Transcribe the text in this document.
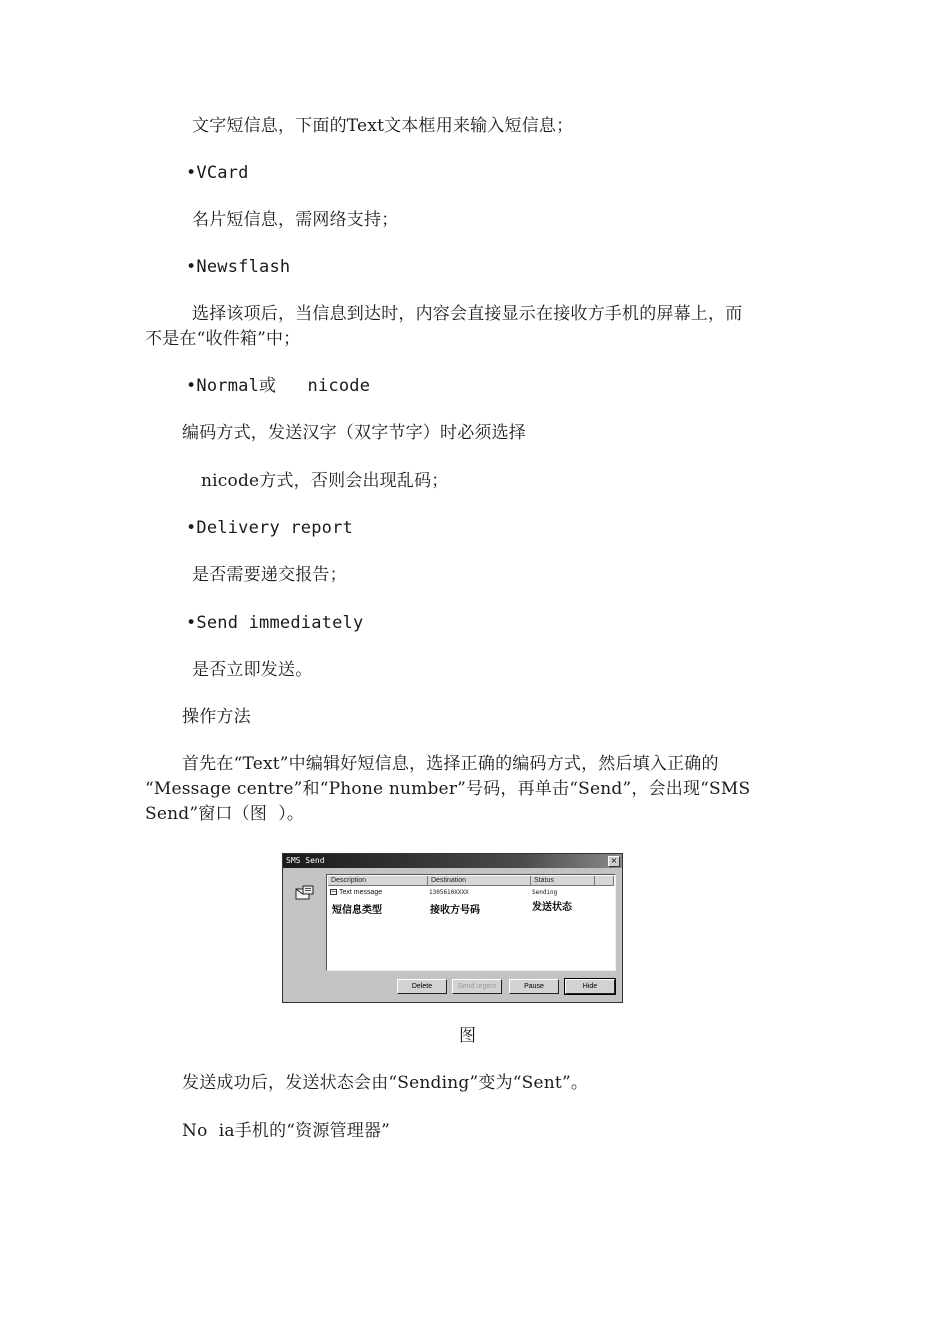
文字短信息，下面的Text文本框用来输入短信息；
•VCard
名片短信息，需网络支持；
•Newsflash
选择该项后，当信息到达时，内容会直接显示在接收方手机的屏幕上，而
不是在“收件箱”中；
•Normal或   nicode
编码方式，发送汉字（双字节字）时必须选择
nicode方式，否则会出现乱码；
•Delivery report
是否需要递交报告；
•Send immediately
是否立即发送。
操作方法
首先在“Text”中编辑好短信息，选择正确的编码方式，然后填入正确的
“Message centre”和“Phone number”号码，再单击“Send”，会出现“SMS
Send”窗口（图  ）。
SMS Send	×
Description	Destination	Status
Text message	1305610XXXX	Sending
短信息类型	接收方号码	发送状态
Delete	Send urgent	Pause	Hide
图
发送成功后，发送状态会由“Sending”变为“Sent”。
No  ia手机的“资源管理器”
